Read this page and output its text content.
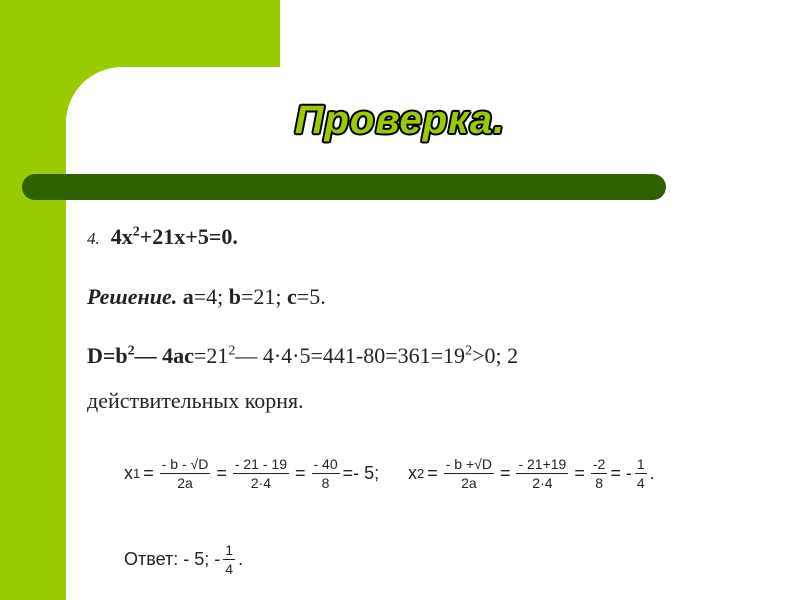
Проверка.
4. $4x^2+21x+5=0$.
Решение. a=4; b=21; c=5.
$D=b^2—$ $4ac=21^2—$ $4\cdot 4\cdot 5=441-80=361=19^2>0$; 2
действительных корня.
x $1 = \frac{- b - √D}{2a} = \frac{- 21 - 19}{2\cdot 4} = \frac{- 40}{8} =- 5$; x $2 = \frac{- b +√D}{2a} = \frac{- 21+19}{2\cdot 4} = \frac{-2}{8}$ = - $\frac{1}{4}$ .
Ответ: - 5;
- $\frac{1}{4}$ .
